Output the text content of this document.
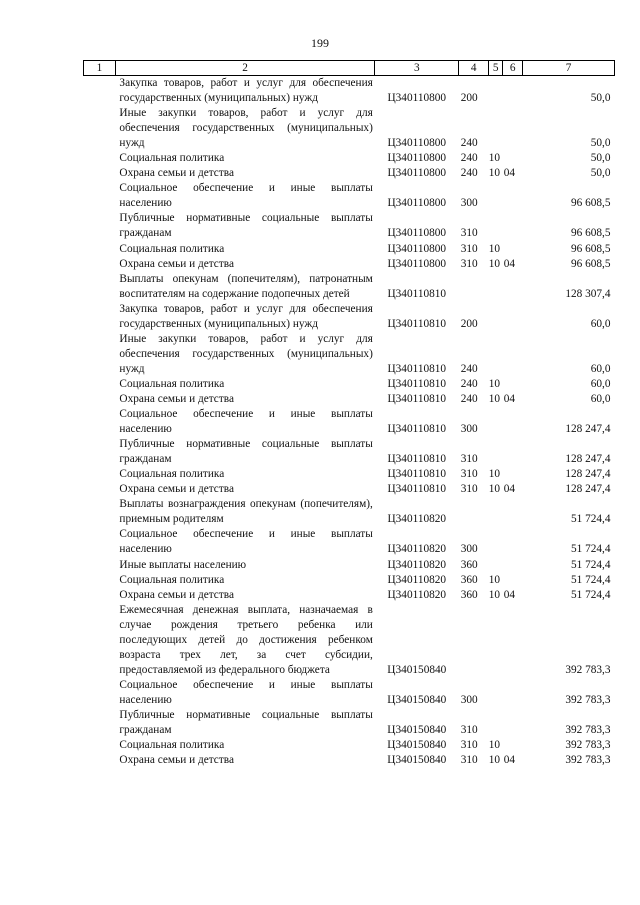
199
1	2	3	4	5	6	7
	Закупка товаров, работ и услуг для обеспечения государственных (муниципальных) нужд	Ц340110800	200			50,0
	Иные закупки товаров, работ и услуг для обеспечения государственных (муниципальных) нужд	Ц340110800	240			50,0
	Социальная политика	Ц340110800	240	10		50,0
	Охрана семьи и детства	Ц340110800	240	10	04	50,0
	Социальное обеспечение и иные выплаты населению	Ц340110800	300			96 608,5
	Публичные нормативные социальные выплаты гражданам	Ц340110800	310			96 608,5
	Социальная политика	Ц340110800	310	10		96 608,5
	Охрана семьи и детства	Ц340110800	310	10	04	96 608,5
	Выплаты опекунам (попечителям), патронатным воспитателям на содержание подопечных детей	Ц340110810				128 307,4
	Закупка товаров, работ и услуг для обеспечения государственных (муниципальных) нужд	Ц340110810	200			60,0
	Иные закупки товаров, работ и услуг для обеспечения государственных (муниципальных) нужд	Ц340110810	240			60,0
	Социальная политика	Ц340110810	240	10		60,0
	Охрана семьи и детства	Ц340110810	240	10	04	60,0
	Социальное обеспечение и иные выплаты населению	Ц340110810	300			128 247,4
	Публичные нормативные социальные выплаты гражданам	Ц340110810	310			128 247,4
	Социальная политика	Ц340110810	310	10		128 247,4
	Охрана семьи и детства	Ц340110810	310	10	04	128 247,4
	Выплаты вознаграждения опекунам (попечителям), приемным родителям	Ц340110820				51 724,4
	Социальное обеспечение и иные выплаты населению	Ц340110820	300			51 724,4
	Иные выплаты населению	Ц340110820	360			51 724,4
	Социальная политика	Ц340110820	360	10		51 724,4
	Охрана семьи и детства	Ц340110820	360	10	04	51 724,4
	Ежемесячная денежная выплата, назначаемая в случае рождения третьего ребенка или последующих детей до достижения ребенком возраста трех лет, за счет субсидии, предоставляемой из федерального бюджета	Ц340150840				392 783,3
	Социальное обеспечение и иные выплаты населению	Ц340150840	300			392 783,3
	Публичные нормативные социальные выплаты гражданам	Ц340150840	310			392 783,3
	Социальная политика	Ц340150840	310	10		392 783,3
	Охрана семьи и детства	Ц340150840	310	10	04	392 783,3
